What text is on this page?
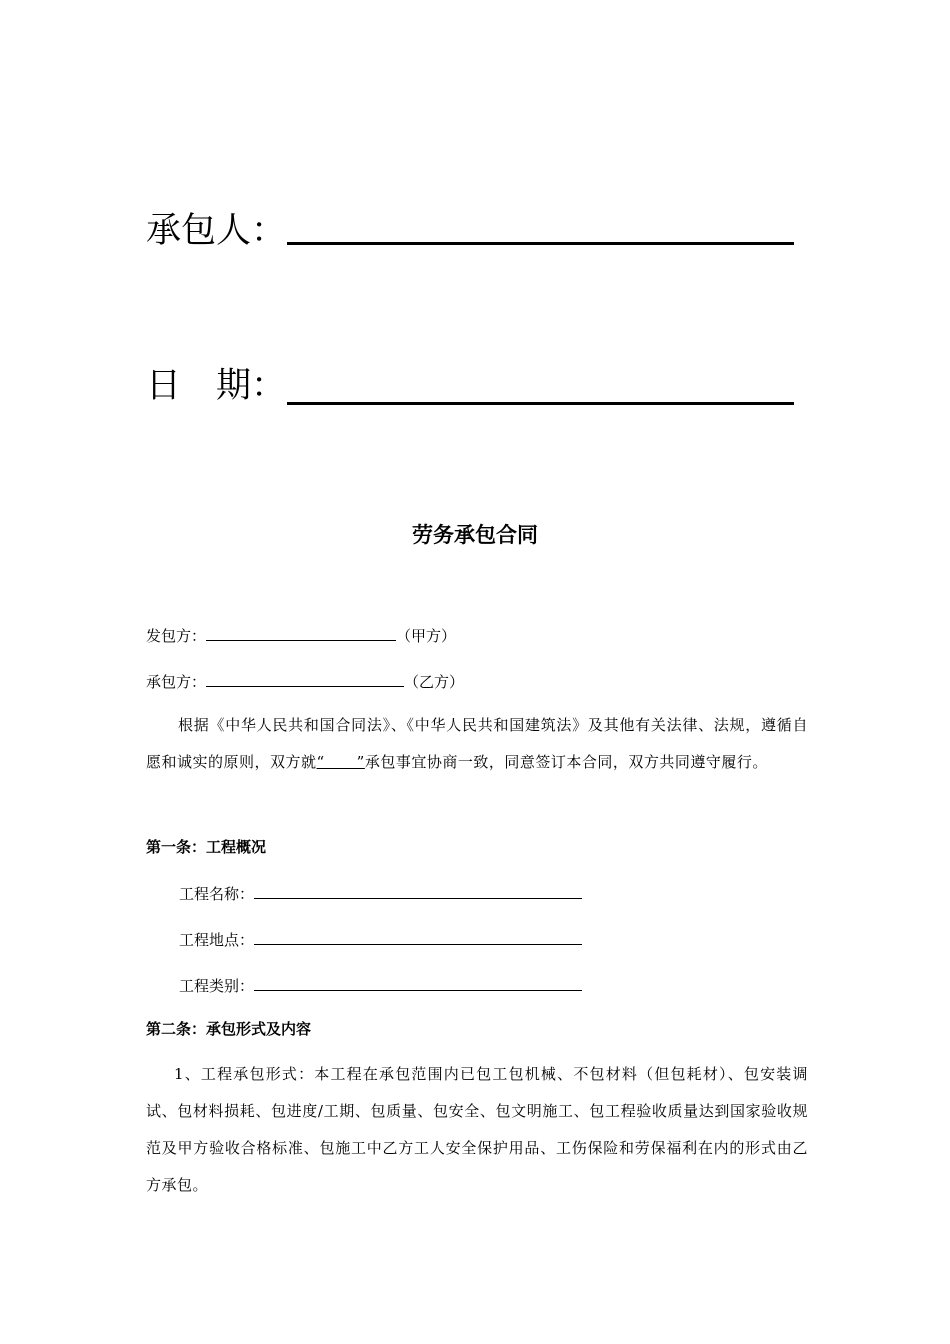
承包人：
日　期：
劳务承包合同
发包方：	（甲方）
承包方：	（乙方）
根据《中华人民共和国合同法》、《中华人民共和国建筑法》及其他有关法律、法规，遵循自愿和诚实的原则，双方就“    ”承包事宜协商一致，同意签订本合同，双方共同遵守履行。
第一条：工程概况
工程名称：
工程地点：
工程类别：
第二条：承包形式及内容
1、工程承包形式：本工程在承包范围内已包工包机械、不包材料（但包耗材）、包安装调试、包材料损耗、包进度/工期、包质量、包安全、包文明施工、包工程验收质量达到国家验收规范及甲方验收合格标准、包施工中乙方工人安全保护用品、工伤保险和劳保福利在内的形式由乙方承包。
